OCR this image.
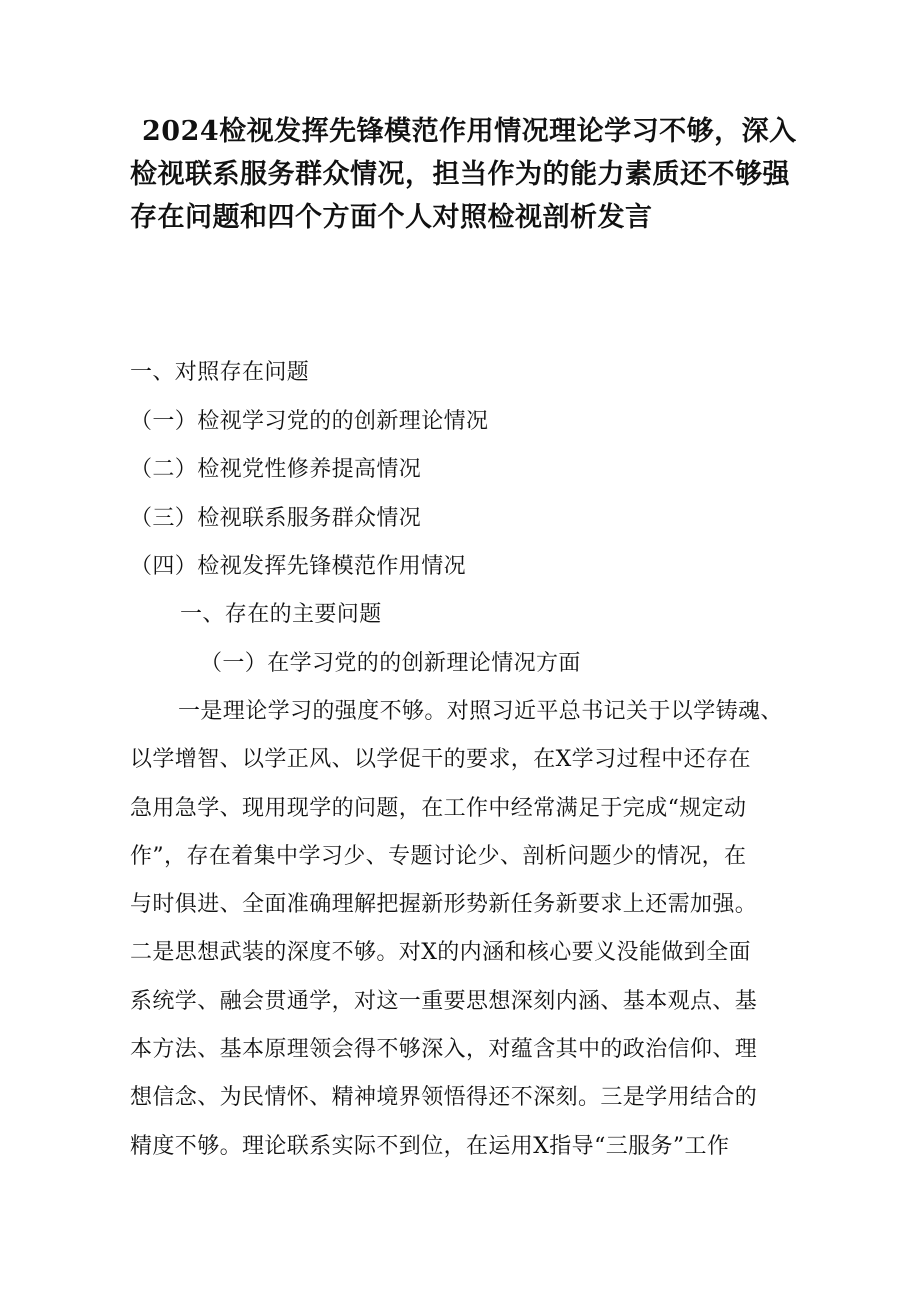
2024检视发挥先锋模范作用情况理论学习不够，深入
检视联系服务群众情况，担当作为的能力素质还不够强
存在问题和四个方面个人对照检视剖析发言
一、对照存在问题
（一）检视学习党的的创新理论情况
（二）检视党性修养提高情况
（三）检视联系服务群众情况
（四）检视发挥先锋模范作用情况
一、存在的主要问题
（一）在学习党的的创新理论情况方面

一是理论学习的强度不够。对照习近平总书记关于以学铸魂、
以学增智、以学正风、以学促干的要求，在X学习过程中还存在
急用急学、现用现学的问题，在工作中经常满足于完成“规定动
作”，存在着集中学习少、专题讨论少、剖析问题少的情况，在
与时俱进、全面准确理解把握新形势新任务新要求上还需加强。
二是思想武装的深度不够。对X的内涵和核心要义没能做到全面
系统学、融会贯通学，对这一重要思想深刻内涵、基本观点、基
本方法、基本原理领会得不够深入，对蕴含其中的政治信仰、理
想信念、为民情怀、精神境界领悟得还不深刻。三是学用结合的
精度不够。理论联系实际不到位，在运用X指导“三服务”工作
